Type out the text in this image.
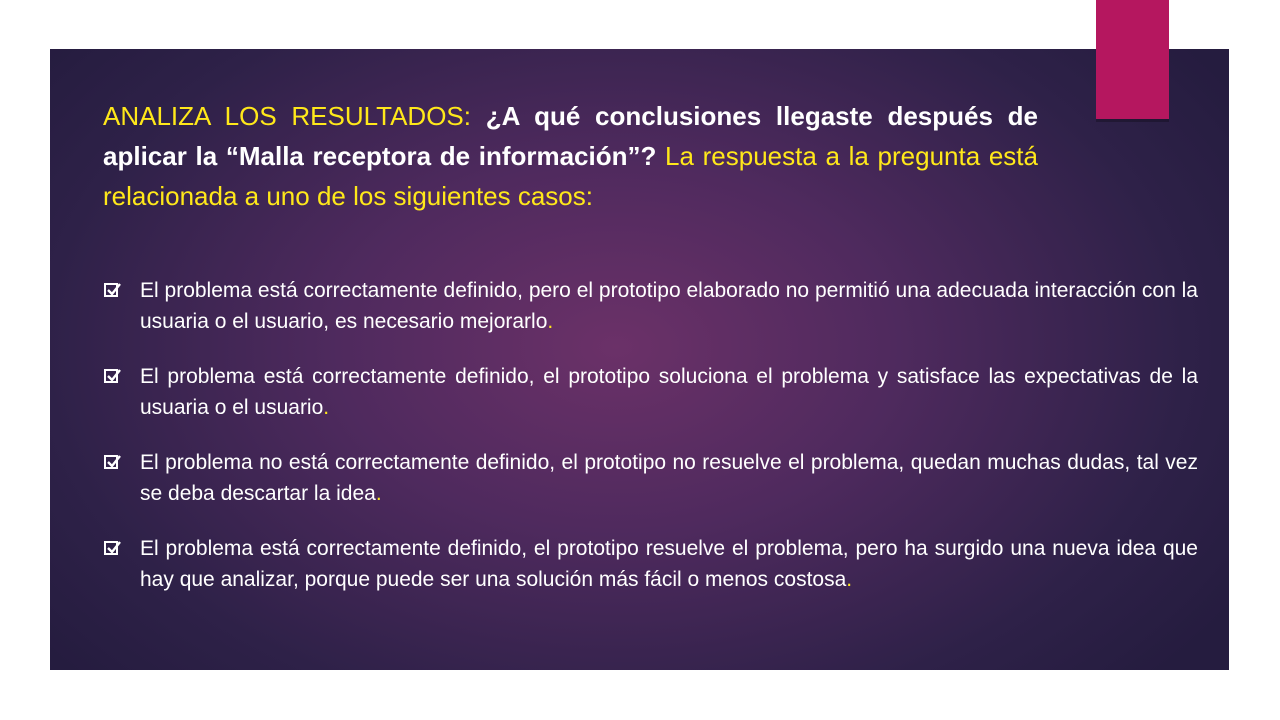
ANALIZA LOS RESULTADOS: ¿A qué conclusiones llegaste después de aplicar la “Malla receptora de información”? La respuesta a la pregunta está relacionada a uno de los siguientes casos:
El problema está correctamente definido, pero el prototipo elaborado no permitió una adecuada interacción con la usuaria o el usuario, es necesario mejorarlo.
El problema está correctamente definido, el prototipo soluciona el problema y satisface las expectativas de la usuaria o el usuario.
El problema no está correctamente definido, el prototipo no resuelve el problema, quedan muchas dudas, tal vez se deba descartar la idea.
El problema está correctamente definido, el prototipo resuelve el problema, pero ha surgido una nueva idea que hay que analizar, porque puede ser una solución más fácil o menos costosa.
